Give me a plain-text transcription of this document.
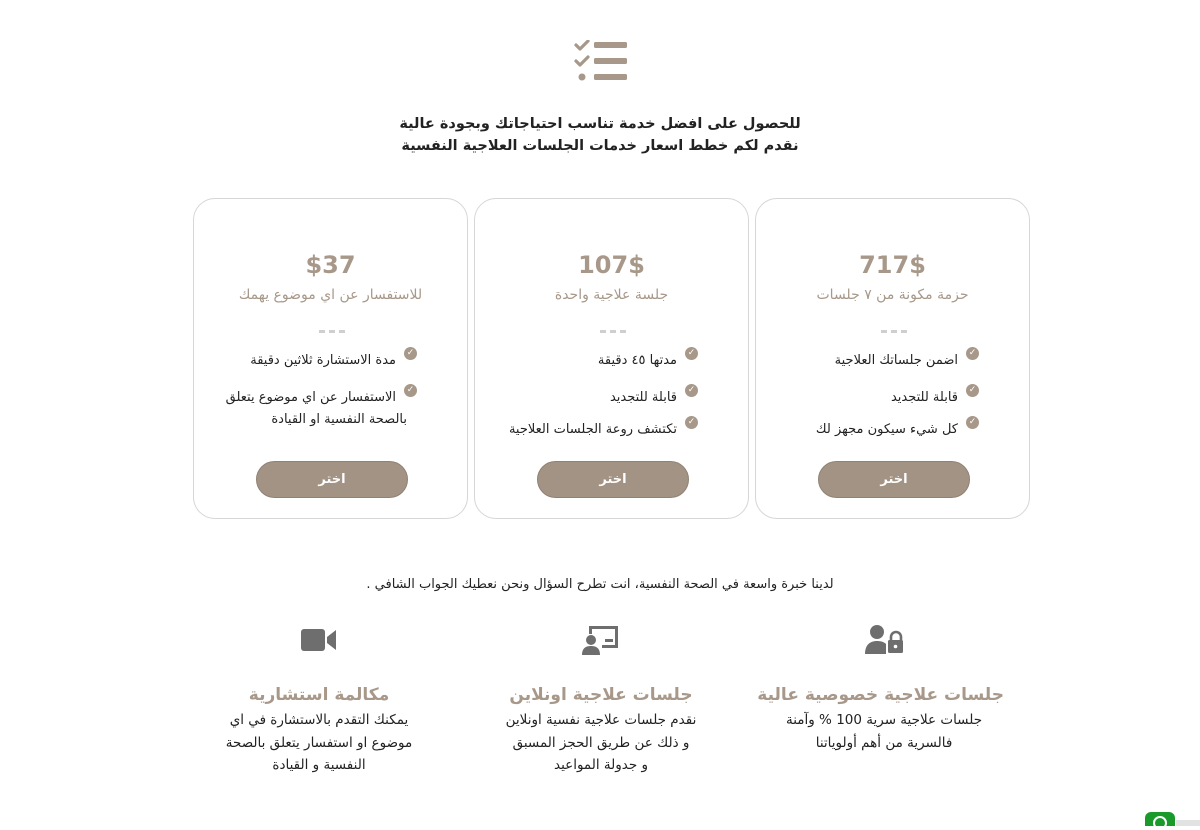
للحصول على افضل خدمة تناسب احتياجاتك وبجودة عالية
نقدم لكم خطط اسعار خدمات الجلسات العلاجية النفسية
717$
حزمة مكونة من ٧ جلسات
✓اضمن جلساتك العلاجية
✓قابلة للتجديد
✓كل شيء سيكون مجهز لك
اختر
107$
جلسة علاجية واحدة
✓مدتها ٤٥ دقيقة
✓قابلة للتجديد
✓تكتشف روعة الجلسات العلاجية
اختر
$37
للاستفسار عن اي موضوع يهمك
✓مدة الاستشارة ثلاثين دقيقة
✓الاستفسار عن اي موضوع يتعلق
بالصحة النفسية او القيادة
اختر
لدينا خبرة واسعة في الصحة النفسية، انت تطرح السؤال ونحن نعطيك الجواب الشافي .
جلسات علاجية خصوصية عالية
جلسات علاجية سرية 100 % وآمنة
فالسرية من أهم أولوياتنا
جلسات علاجية اونلاين
نقدم جلسات علاجية نفسية اونلاين
و ذلك عن طريق الحجز المسبق
و جدولة المواعيد
مكالمة استشارية
يمكنك التقدم بالاستشارة في اي
موضوع او استفسار يتعلق بالصحة
النفسية و القيادة
